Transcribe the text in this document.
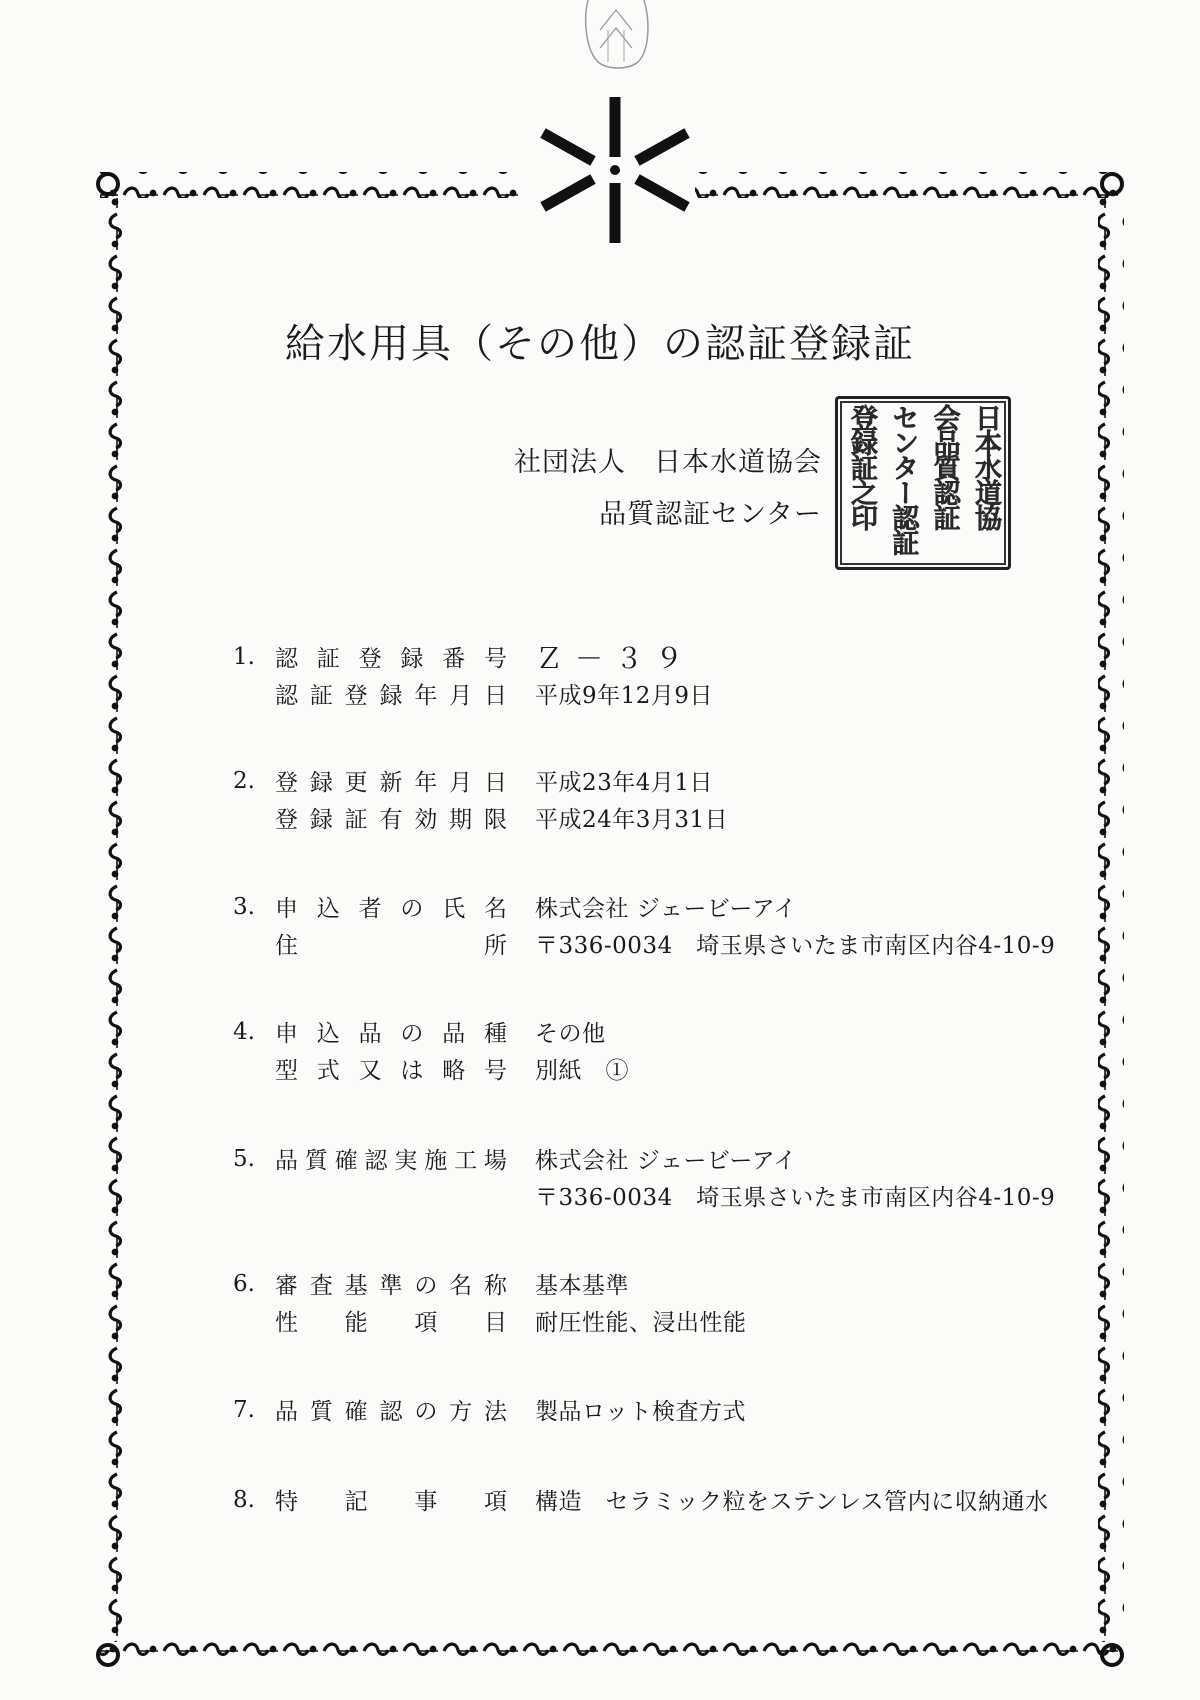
給水用具（その他）の認証登録証
社団法人　日本水道協会
品質認証センター	日本水道協
会品質認証
センター認証
登録証之印
1. 認 証 登 録 番 号 Ｚ－３９
認 証 登 録 年 月 日 平成9年12月9日
2. 登 録 更 新 年 月 日 平成23年4月1日
登 録 証 有 効 期 限 平成24年3月31日
3. 申 込 者 の 氏 名 株式会社 ジェービーアイ
住	所 〒336-0034　埼玉県さいたま市南区内谷4-10-9
4. 申 込 品 の 品 種 その他
型 式 又 は 略 号 別紙　①
5. 品 質 確 認 実 施 工 場 株式会社 ジェービーアイ
〒336-0034　埼玉県さいたま市南区内谷4-10-9
6. 審 査 基 準 の 名 称 基本基準
性 能 項 目 耐圧性能、浸出性能
7. 品 質 確 認 の 方 法 製品ロット検査方式
8. 特 記 事 項 構造　セラミック粒をステンレス管内に収納通水
